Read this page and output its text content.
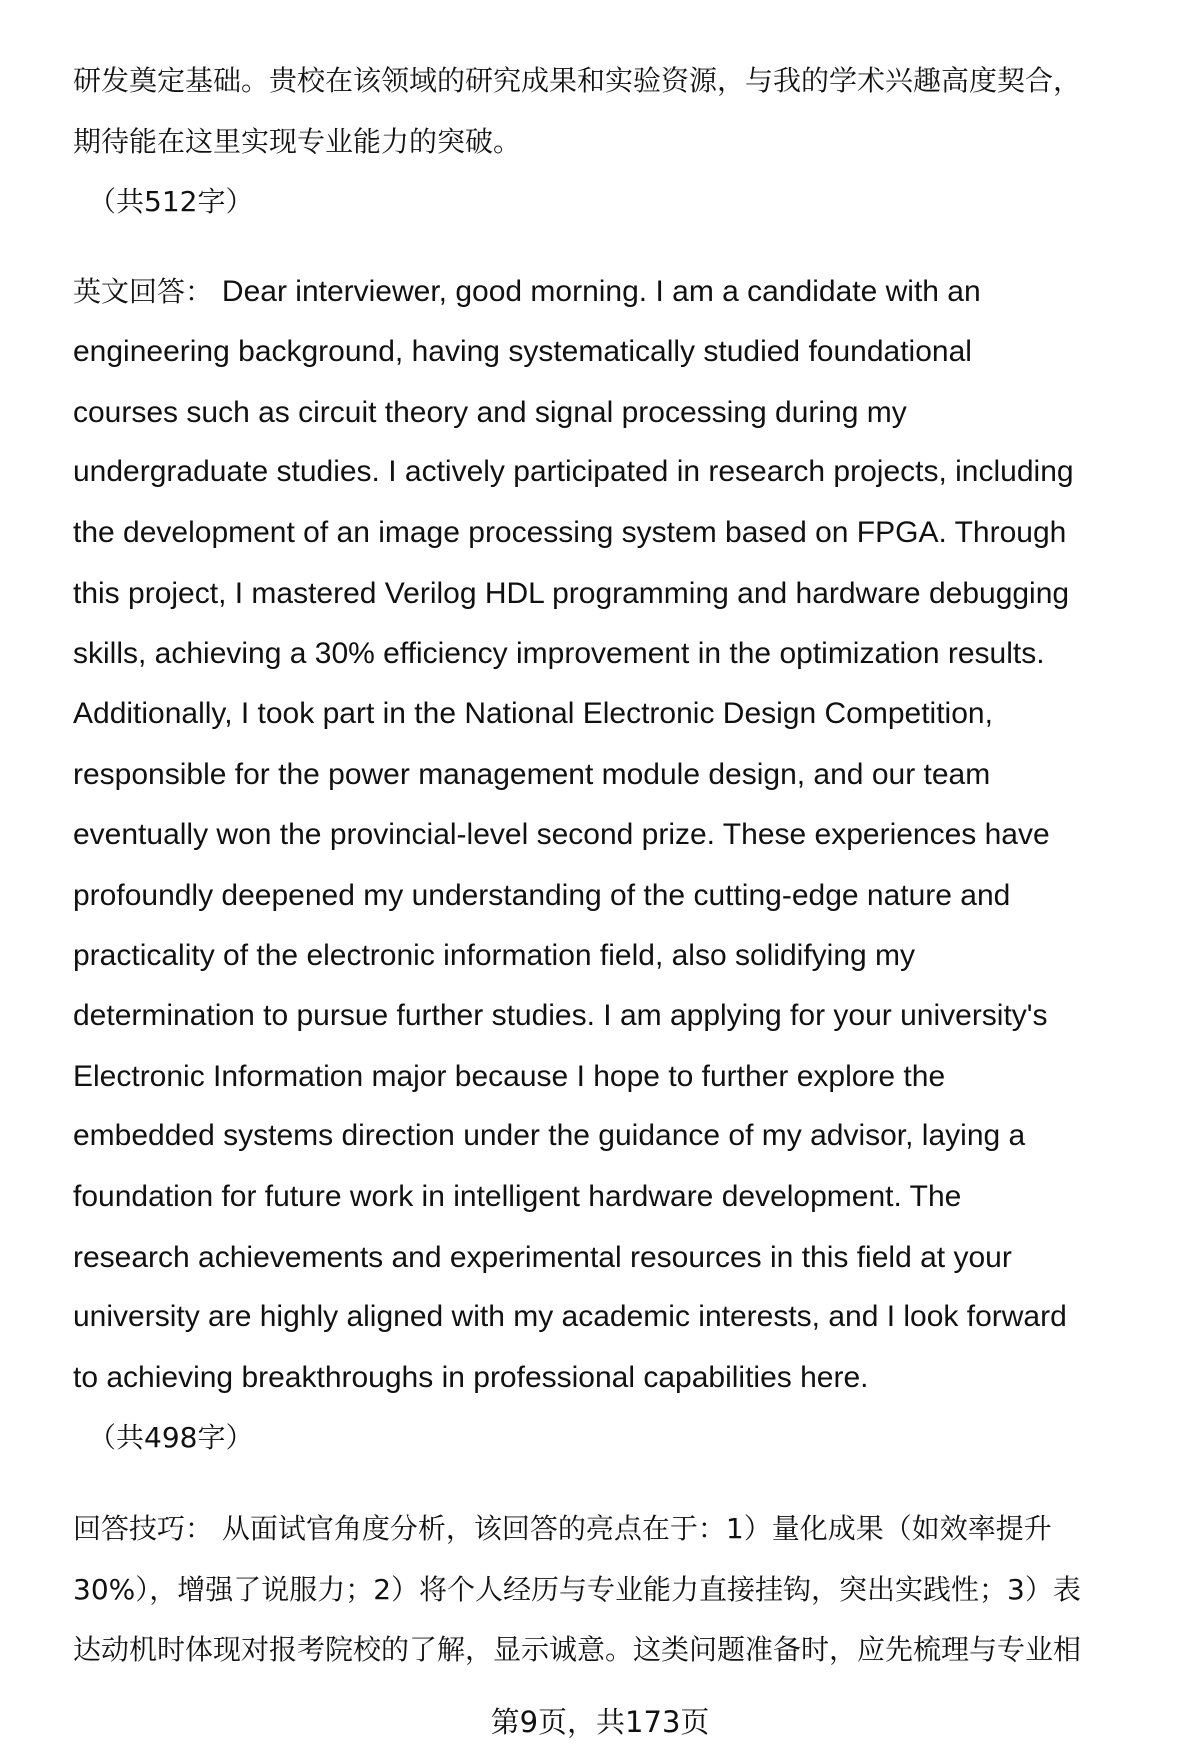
研发奠定基础。贵校在该领域的研究成果和实验资源，与我的学术兴趣高度契合，
期待能在这里实现专业能力的突破。
（共512字）
英文回答： Dear interviewer, good morning. I am a candidate with an
engineering background, having systematically studied foundational
courses such as circuit theory and signal processing during my
undergraduate studies. I actively participated in research projects, including
the development of an image processing system based on FPGA. Through
this project, I mastered Verilog HDL programming and hardware debugging
skills, achieving a 30% efficiency improvement in the optimization results.
Additionally, I took part in the National Electronic Design Competition,
responsible for the power management module design, and our team
eventually won the provincial-level second prize. These experiences have
profoundly deepened my understanding of the cutting-edge nature and
practicality of the electronic information field, also solidifying my
determination to pursue further studies. I am applying for your university's
Electronic Information major because I hope to further explore the
embedded systems direction under the guidance of my advisor, laying a
foundation for future work in intelligent hardware development. The
research achievements and experimental resources in this field at your
university are highly aligned with my academic interests, and I look forward
to achieving breakthroughs in professional capabilities here.
（共498字）
回答技巧： 从面试官角度分析，该回答的亮点在于：1）量化成果（如效率提升
30%），增强了说服力；2）将个人经历与专业能力直接挂钩，突出实践性；3）表
达动机时体现对报考院校的了解，显示诚意。这类问题准备时，应先梳理与专业相
第9页，共173页
